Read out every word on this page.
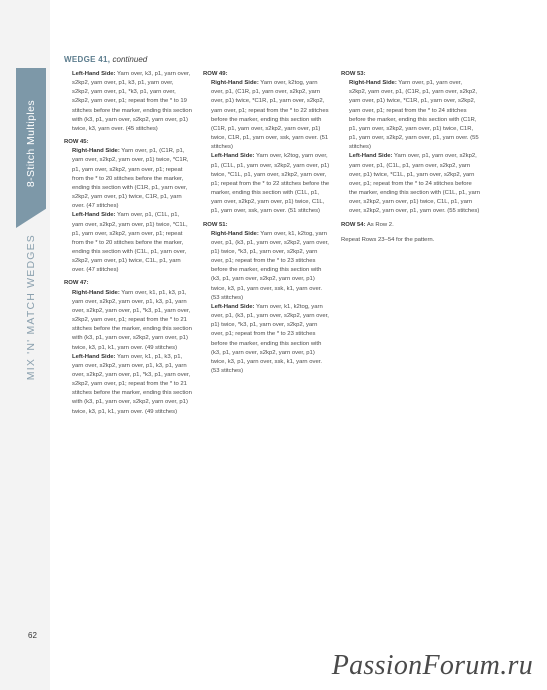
8-Stitch Multiples
MIX 'N' MATCH WEDGES
62
WEDGE 41, continued
Left-Hand Side: Yarn over, k3, p1, yarn over, s2kp2, yarn over, p1, k3, p1, yarn over, s2kp2, yarn over, p1, *k3, p1, yarn over, s2kp2, yarn over, p1; repeat from the * to 19 stitches before the marker, ending this section with (k3, p1, yarn over, s2kp2, yarn over, p1) twice, k3, yarn over. (45 stitches)
ROW 45:
Right-Hand Side: Yarn over, p1, (C1R, p1, yarn over, s2kp2, yarn over, p1) twice, *C1R, p1, yarn over, s2kp2, yarn over, p1; repeat from the * to 20 stitches before the marker, ending this section with (C1R, p1, yarn over, s2kp2, yarn over, p1) twice, C1R, p1, yarn over. (47 stitches)
Left-Hand Side: Yarn over, p1, (C1L, p1, yarn over, s2kp2, yarn over, p1) twice, *C1L, p1, yarn over, s2kp2, yarn over, p1; repeat from the * to 20 stitches before the marker, ending this section with (C1L, p1, yarn over, s2kp2, yarn over, p1) twice, C1L, p1, yarn over. (47 stitches)
ROW 47:
Right-Hand Side: Yarn over, k1, p1, k3, p1, yarn over, s2kp2, yarn over, p1, k3, p1, yarn over, s2kp2, yarn over, p1, *k3, p1, yarn over, s2kp2, yarn over, p1; repeat from the * to 21 stitches before the marker, ending this section with (k3, p1, yarn over, s2kp2, yarn over, p1) twice, k3, p1, k1, yarn over. (49 stitches)
Left-Hand Side: Yarn over, k1, p1, k3, p1, yarn over, s2kp2, yarn over, p1, k3, p1, yarn over, s2kp2, yarn over, p1, *k3, p1, yarn over, s2kp2, yarn over, p1; repeat from the * to 21 stitches before the marker, ending this section with (k3, p1, yarn over, s2kp2, yarn over, p1) twice, k3, p1, k1, yarn over. (49 stitches)
ROW 49:
Right-Hand Side: Yarn over, k2tog, yarn over, p1, (C1R, p1, yarn over, s2kp2, yarn over, p1) twice, *C1R, p1, yarn over, s2kp2, yarn over, p1; repeat from the * to 22 stitches before the marker, ending this section with (C1R, p1, yarn over, s2kp2, yarn over, p1) twice, C1R, p1, yarn over, ssk, yarn over. (51 stitches)
Left-Hand Side: Yarn over, k2tog, yarn over, p1, (C1L, p1, yarn over, s2kp2, yarn over, p1) twice, *C1L, p1, yarn over, s2kp2, yarn over, p1; repeat from the * to 22 stitches before the marker, ending this section with (C1L, p1, yarn over, s2kp2, yarn over, p1) twice, C1L, p1, yarn over, ssk, yarn over. (51 stitches)
ROW 51:
Right-Hand Side: Yarn over, k1, k2tog, yarn over, p1, (k3, p1, yarn over, s2kp2, yarn over, p1) twice, *k3, p1, yarn over, s2kp2, yarn over, p1; repeat from the * to 23 stitches before the marker, ending this section with (k3, p1, yarn over, s2kp2, yarn over, p1) twice, k3, p1, yarn over, ssk, k1, yarn over. (53 stitches)
Left-Hand Side: Yarn over, k1, k2tog, yarn over, p1, (k3, p1, yarn over, s2kp2, yarn over, p1) twice, *k3, p1, yarn over, s2kp2, yarn over, p1; repeat from the * to 23 stitches before the marker, ending this section with (k3, p1, yarn over, s2kp2, yarn over, p1) twice, k3, p1, yarn over, ssk, k1, yarn over. (53 stitches)
ROW 53:
Right-Hand Side: Yarn over, p1, yarn over, s2kp2, yarn over, p1, (C1R, p1, yarn over, s2kp2, yarn over, p1) twice, *C1R, p1, yarn over, s2kp2, yarn over, p1; repeat from the * to 24 stitches before the marker, ending this section with (C1R, p1, yarn over, s2kp2, yarn over, p1) twice, C1R, p1, yarn over, s2kp2, yarn over, p1, yarn over. (55 stitches)
Left-Hand Side: Yarn over, p1, yarn over, s2kp2, yarn over, p1, (C1L, p1, yarn over, s2kp2, yarn over, p1) twice, *C1L, p1, yarn over, s2kp2, yarn over, p1; repeat from the * to 24 stitches before the marker, ending this section with (C1L, p1, yarn over, s2kp2, yarn over, p1) twice, C1L, p1, yarn over, s2kp2, yarn over, p1, yarn over. (55 stitches)
ROW 54: As Row 2.
Repeat Rows 23–54 for the pattern.
PassionForum.ru
